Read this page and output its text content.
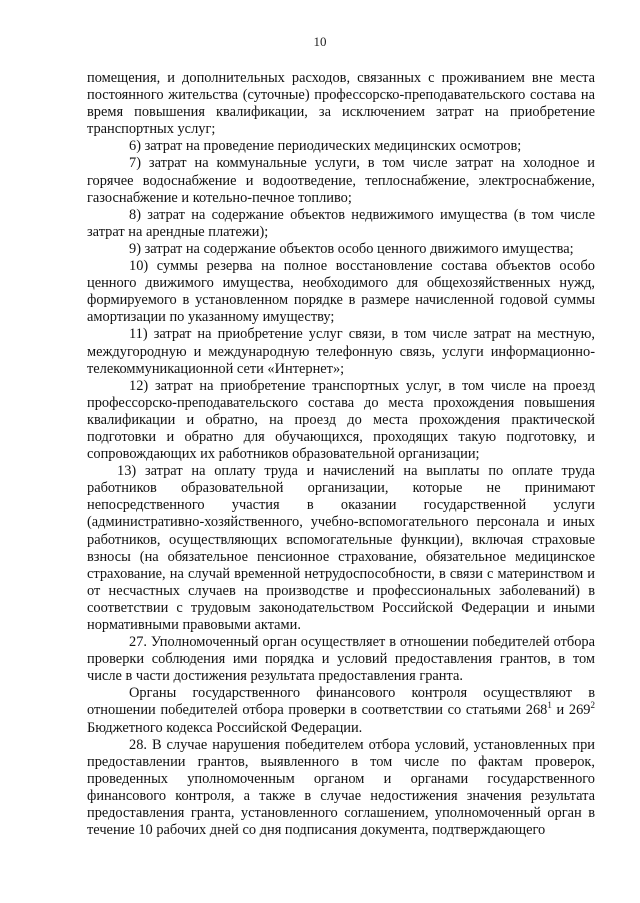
10

помещения, и дополнительных расходов, связанных с проживанием вне места постоянного жительства (суточные) профессорско-преподавательского состава на время повышения квалификации, за исключением затрат на приобретение транспортных услуг;

6) затрат на проведение периодических медицинских осмотров;

7) затрат на коммунальные услуги, в том числе затрат на холодное и горячее водоснабжение и водоотведение, теплоснабжение, электроснабжение, газоснабжение и котельно-печное топливо;

8) затрат на содержание объектов недвижимого имущества (в том числе затрат на арендные платежи);

9) затрат на содержание объектов особо ценного движимого имущества;

10) суммы резерва на полное восстановление состава объектов особо ценного движимого имущества, необходимого для общехозяйственных нужд, формируемого в установленном порядке в размере начисленной годовой суммы амортизации по указанному имуществу;

11) затрат на приобретение услуг связи, в том числе затрат на местную, междугородную и международную телефонную связь, услуги информационно-телекоммуникационной сети «Интернет»;

12) затрат на приобретение транспортных услуг, в том числе на проезд профессорско-преподавательского состава до места прохождения повышения квалификации и обратно, на проезд до места прохождения практической подготовки и обратно для обучающихся, проходящих такую подготовку, и сопровождающих их работников образовательной организации;

13) затрат на оплату труда и начислений на выплаты по оплате труда работников образовательной организации, которые не принимают непосредственного участия в оказании государственной услуги (административно-хозяйственного, учебно-вспомогательного персонала и иных работников, осуществляющих вспомогательные функции), включая страховые взносы (на обязательное пенсионное страхование, обязательное медицинское страхование, на случай временной нетрудоспособности, в связи с материнством и от несчастных случаев на производстве и профессиональных заболеваний) в соответствии с трудовым законодательством Российской Федерации и иными нормативными правовыми актами.

27. Уполномоченный орган осуществляет в отношении победителей отбора проверки соблюдения ими порядка и условий предоставления грантов, в том числе в части достижения результата предоставления гранта.

Органы государственного финансового контроля осуществляют в отношении победителей отбора проверки в соответствии со статьями $268^1$ и $269^2$ Бюджетного кодекса Российской Федерации.

28. В случае нарушения победителем отбора условий, установленных при предоставлении грантов, выявленного в том числе по фактам проверок, проведенных уполномоченным органом и органами государственного финансового контроля, а также в случае недостижения значения результата предоставления гранта, установленного соглашением, уполномоченный орган в течение 10 рабочих дней со дня подписания документа, подтверждающего
